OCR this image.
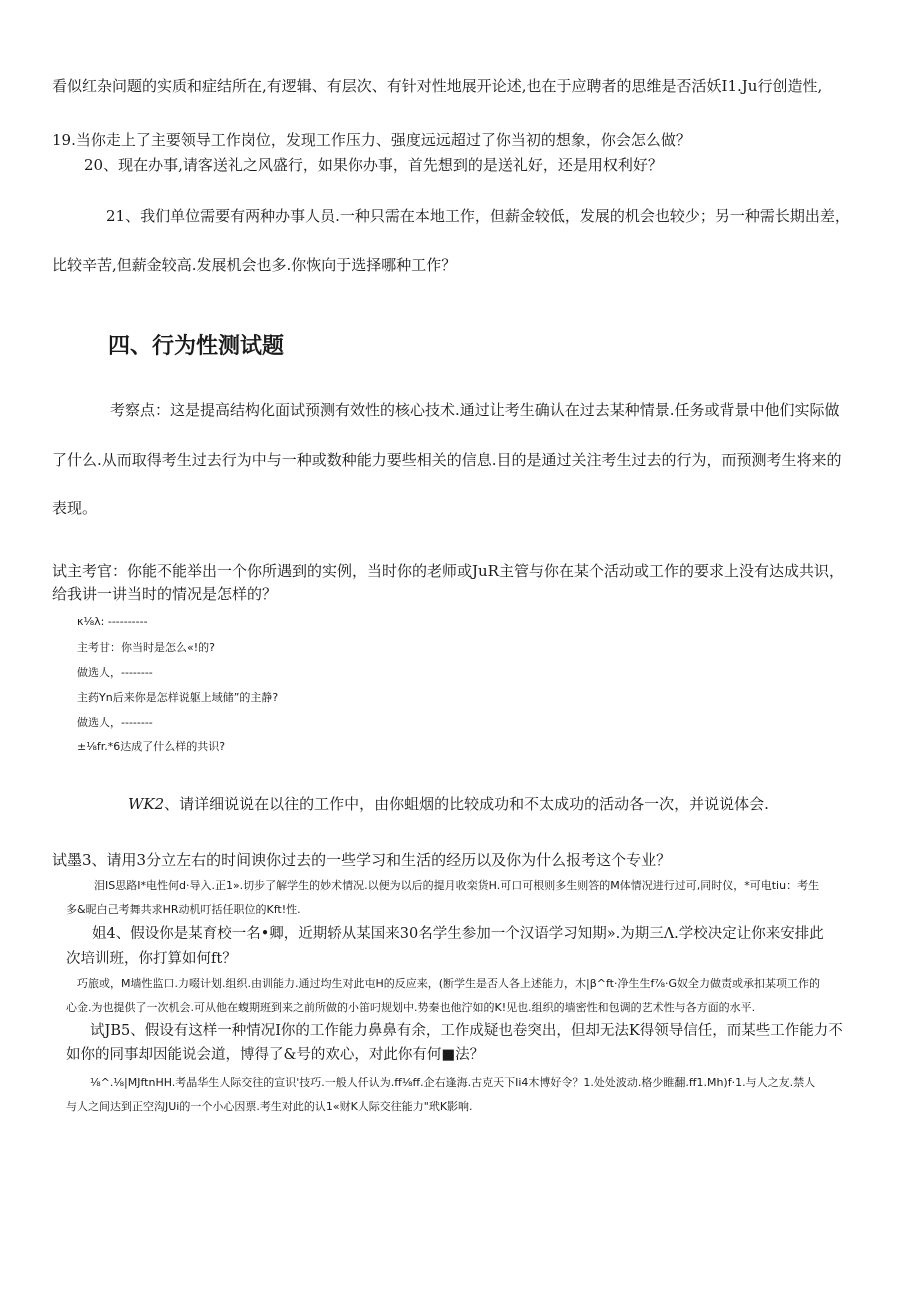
看似红杂问题的实质和症结所在,有逻辑、有层次、有针对性地展开论述,也在于应聘者的思维是否活妖I1.Ju行创造性,

19.当你走上了主要领导工作岗位，发现工作压力、强度远远超过了你当初的想象，你会怎么做？

20、现在办事,请客送礼之风盛行，如果你办事，首先想到的是送礼好，还是用权利好？

21、我们单位需要有两种办事人员.一种只需在本地工作，但薪金较低，发展的机会也较少；另一种需长期出差，

比较辛苦,但薪金较高.发展机会也多.你恢向于选择哪种工作？

四、行为性测试题

考察点：这是提高结构化面试预测有效性的核心技术.通过让考生确认在过去某种情景.任务或背景中他们实际做

了什么.从而取得考生过去行为中与一种或数种能力要些相关的信息.目的是通过关注考生过去的行为，而预测考生将来的

表现。

试主考官：你能不能举出一个你所遇到的实例，当时你的老师或JuR主管与你在某个活动或工作的要求上没有达成共识，

给我讲一讲当时的情况是怎样的？

κ⅛λ: ----------

主考甘：你当时是怎么«!的?

做选人，--------

主药Yn后来你是怎样说躯上域储”的主静?

做选人，--------

±⅛fr.*6达成了什么样的共识?

WK2、请详细说说在以往的工作中，由你蛆烟的比较成功和不太成功的活动各一次，并说说体会.

试墨3、请用3分立左右的时间谀你过去的一些学习和生活的经历以及你为什么报考这个专业？

泪IS思路I*电性何d·导入.正1».切步了解学生的妙术情况.以便为以后的提月收栾货H.可口可根则多生则答的M体情况进行过可,同时仪，*可电tiu：考生

多&昵白己考舞共求HR动机叮括任职位的Kft!性.

姐4、假设你是某育校一名•卿，近期轿从某国来30名学生参加一个汉语学习知期».为期三Λ.学校决定让你来安排此

次培训班，你打算如何ft？

巧旅或，M墙性监口.力啜计划.组织.由训能力.通过均生对此屯H的反应来，(断学生是否人各上述能力，木|β^ft·净生生f⅞·G奴全力做责或承扣某项工作的

心金.为也提供了一次机会.可从他在蝮期班到来之前所做的小笛叼规划中.势秦也他泞如的K!见也.组织的墙密性和包调的艺术性与各方面的水平.

试JB5、假设有这样一种情况I你的工作能力鼻鼻有余，工作成疑也卷突出，但却无法K得领导信任，而某些工作能力不

如你的同事却因能说会道，博得了&号的欢心，对此你有何■法？

⅛^.⅛|MJftnHH.考晶华生人际交往的宣识'技巧.一般人仟认为.ff⅛ff.企右逢海.古克天下Ii4木博好令？1.处处波动.格少睢翻.ff1.Mh)f·1.与人之友.禁人

与人之间达到正空沟JUi的一个小心因票.考生对此的认1«财K人际交往能力"玳K影响.
